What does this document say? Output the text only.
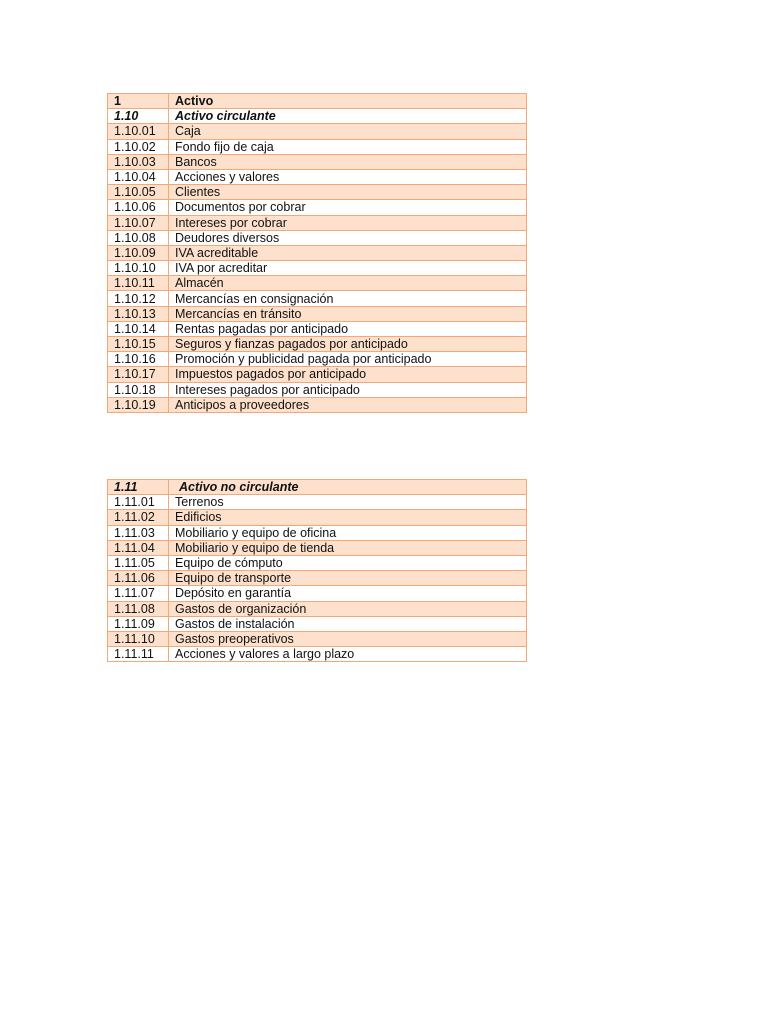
1	Activo
1.10	Activo circulante
1.10.01	Caja
1.10.02	Fondo fijo de caja
1.10.03	Bancos
1.10.04	Acciones y valores
1.10.05	Clientes
1.10.06	Documentos por cobrar
1.10.07	Intereses por cobrar
1.10.08	Deudores diversos
1.10.09	IVA acreditable
1.10.10	IVA por acreditar
1.10.11	Almacén
1.10.12	Mercancías en consignación
1.10.13	Mercancías en tránsito
1.10.14	Rentas pagadas por anticipado
1.10.15	Seguros y fianzas pagados por anticipado
1.10.16	Promoción y publicidad pagada por anticipado
1.10.17	Impuestos pagados por anticipado
1.10.18	Intereses pagados por anticipado
1.10.19	Anticipos a proveedores
1.11	Activo no circulante
1.11.01	Terrenos
1.11.02	Edificios
1.11.03	Mobiliario y equipo de oficina
1.11.04	Mobiliario y equipo de tienda
1.11.05	Equipo de cómputo
1.11.06	Equipo de transporte
1.11.07	Depósito en garantía
1.11.08	Gastos de organización
1.11.09	Gastos de instalación
1.11.10	Gastos preoperativos
1.11.11	Acciones y valores a largo plazo
